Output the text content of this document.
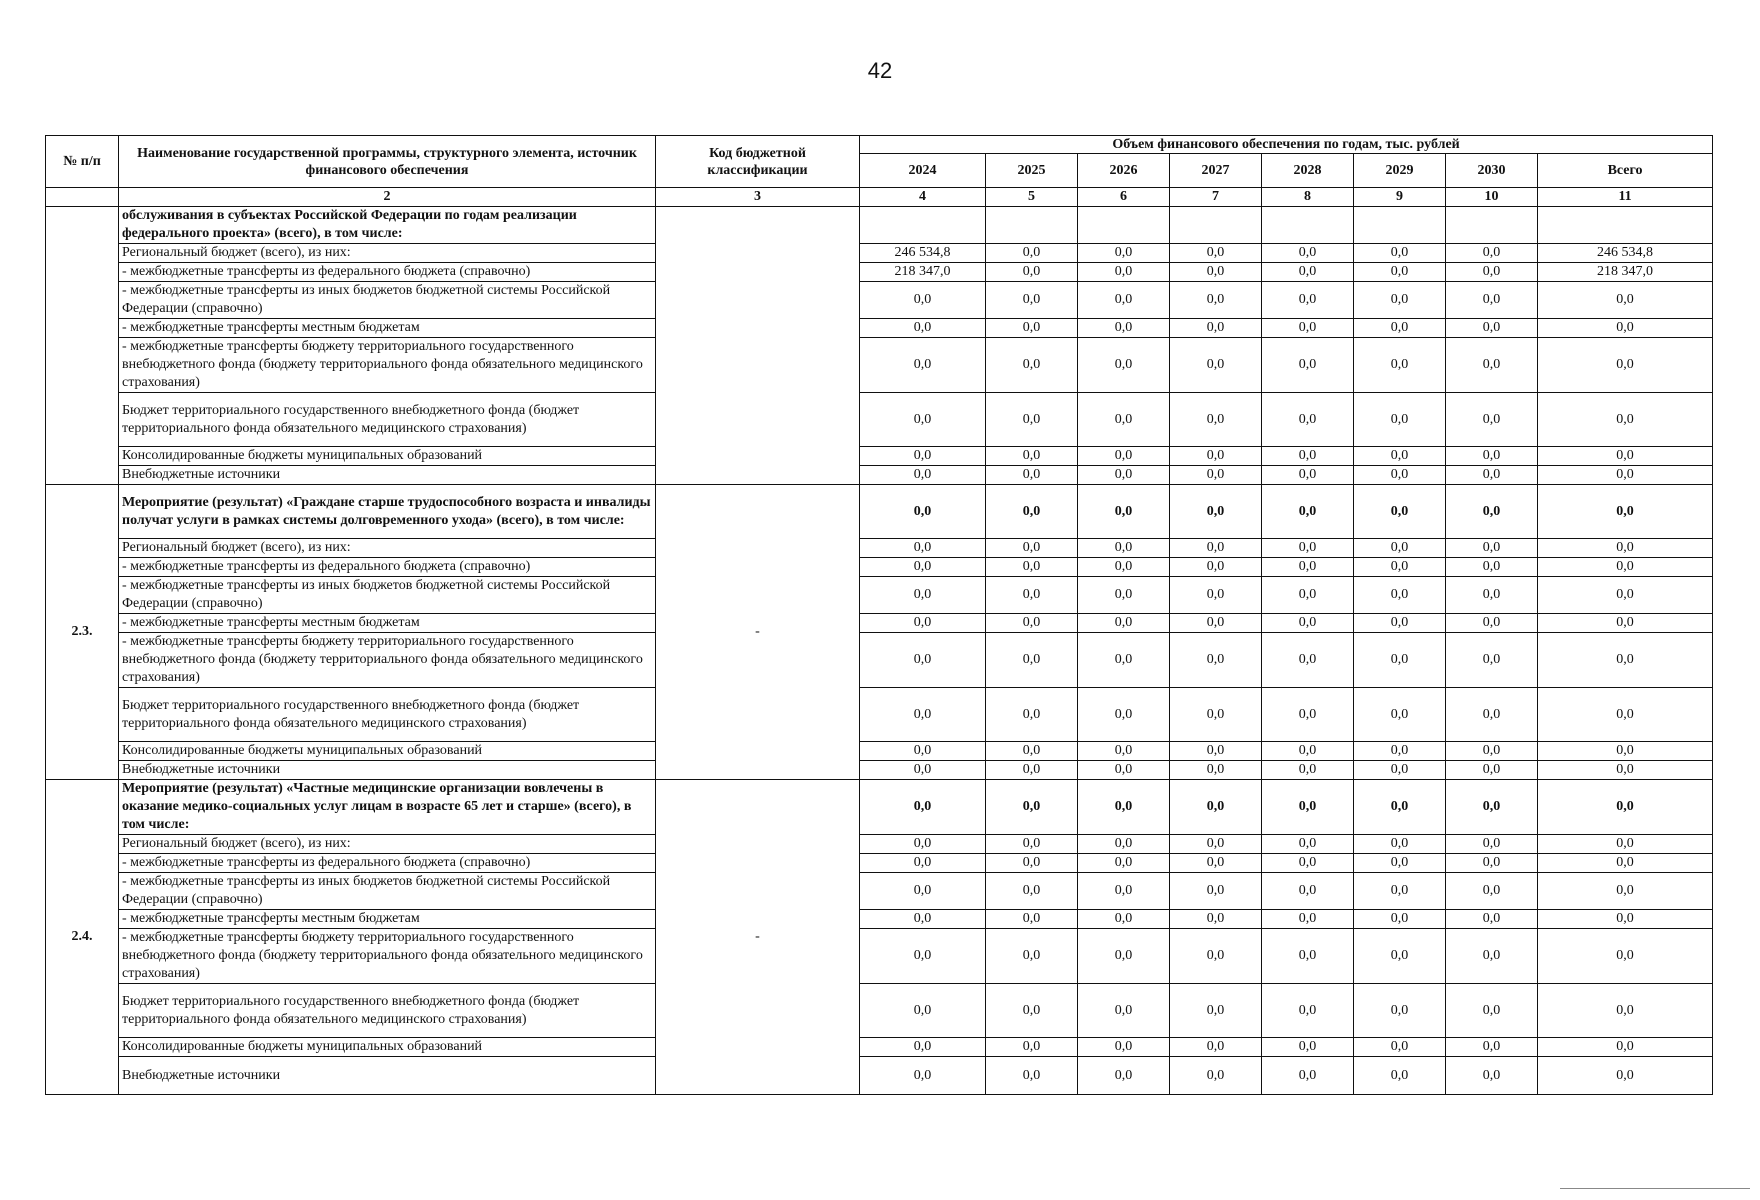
42
№ п/п	Наименование государственной программы, структурного элемента, источник финансового обеспечения	Код бюджетной классификации	Объем финансового обеспечения по годам, тыс. рублей							
			2024	2025	2026	2027	2028	2029	2030	Всего
	2	3	4	5	6	7	8	9	10	11
	обслуживания в субъектах Российской Федерации по годам реализации федерального проекта» (всего), в том числе:									
	Региональный бюджет (всего), из них:		246 534,8	0,0	0,0	0,0	0,0	0,0	0,0	246 534,8
	- межбюджетные трансферты из федерального бюджета (справочно)		218 347,0	0,0	0,0	0,0	0,0	0,0	0,0	218 347,0
	- межбюджетные трансферты из иных бюджетов бюджетной системы Российской Федерации (справочно)		0,0	0,0	0,0	0,0	0,0	0,0	0,0	0,0
	- межбюджетные трансферты местным бюджетам		0,0	0,0	0,0	0,0	0,0	0,0	0,0	0,0
	- межбюджетные трансферты бюджету территориального государственного внебюджетного фонда (бюджету территориального фонда обязательного медицинского страхования)		0,0	0,0	0,0	0,0	0,0	0,0	0,0	0,0
	Бюджет территориального государственного внебюджетного фонда (бюджет территориального фонда обязательного медицинского страхования)		0,0	0,0	0,0	0,0	0,0	0,0	0,0	0,0
	Консолидированные бюджеты муниципальных образований		0,0	0,0	0,0	0,0	0,0	0,0	0,0	0,0
	Внебюджетные источники		0,0	0,0	0,0	0,0	0,0	0,0	0,0	0,0
2.3.	Мероприятие (результат) «Граждане старше трудоспособного возраста и инвалиды получат услуги в рамках системы долговременного ухода» (всего), в том числе:	-	0,0	0,0	0,0	0,0	0,0	0,0	0,0	0,0
	Региональный бюджет (всего), из них:		0,0	0,0	0,0	0,0	0,0	0,0	0,0	0,0
	- межбюджетные трансферты из федерального бюджета (справочно)		0,0	0,0	0,0	0,0	0,0	0,0	0,0	0,0
	- межбюджетные трансферты из иных бюджетов бюджетной системы Российской Федерации (справочно)		0,0	0,0	0,0	0,0	0,0	0,0	0,0	0,0
	- межбюджетные трансферты местным бюджетам		0,0	0,0	0,0	0,0	0,0	0,0	0,0	0,0
	- межбюджетные трансферты бюджету территориального государственного внебюджетного фонда (бюджету территориального фонда обязательного медицинского страхования)		0,0	0,0	0,0	0,0	0,0	0,0	0,0	0,0
	Бюджет территориального государственного внебюджетного фонда (бюджет территориального фонда обязательного медицинского страхования)		0,0	0,0	0,0	0,0	0,0	0,0	0,0	0,0
	Консолидированные бюджеты муниципальных образований		0,0	0,0	0,0	0,0	0,0	0,0	0,0	0,0
	Внебюджетные источники		0,0	0,0	0,0	0,0	0,0	0,0	0,0	0,0
2.4.	Мероприятие (результат) «Частные медицинские организации вовлечены в оказание медико-социальных услуг лицам в возрасте 65 лет и старше» (всего), в том числе:	-	0,0	0,0	0,0	0,0	0,0	0,0	0,0	0,0
	Региональный бюджет (всего), из них:		0,0	0,0	0,0	0,0	0,0	0,0	0,0	0,0
	- межбюджетные трансферты из федерального бюджета (справочно)		0,0	0,0	0,0	0,0	0,0	0,0	0,0	0,0
	- межбюджетные трансферты из иных бюджетов бюджетной системы Российской Федерации (справочно)		0,0	0,0	0,0	0,0	0,0	0,0	0,0	0,0
	- межбюджетные трансферты местным бюджетам		0,0	0,0	0,0	0,0	0,0	0,0	0,0	0,0
	- межбюджетные трансферты бюджету территориального государственного внебюджетного фонда (бюджету территориального фонда обязательного медицинского страхования)		0,0	0,0	0,0	0,0	0,0	0,0	0,0	0,0
	Бюджет территориального государственного внебюджетного фонда (бюджет территориального фонда обязательного медицинского страхования)		0,0	0,0	0,0	0,0	0,0	0,0	0,0	0,0
	Консолидированные бюджеты муниципальных образований		0,0	0,0	0,0	0,0	0,0	0,0	0,0	0,0
	Внебюджетные источники		0,0	0,0	0,0	0,0	0,0	0,0	0,0	0,0
